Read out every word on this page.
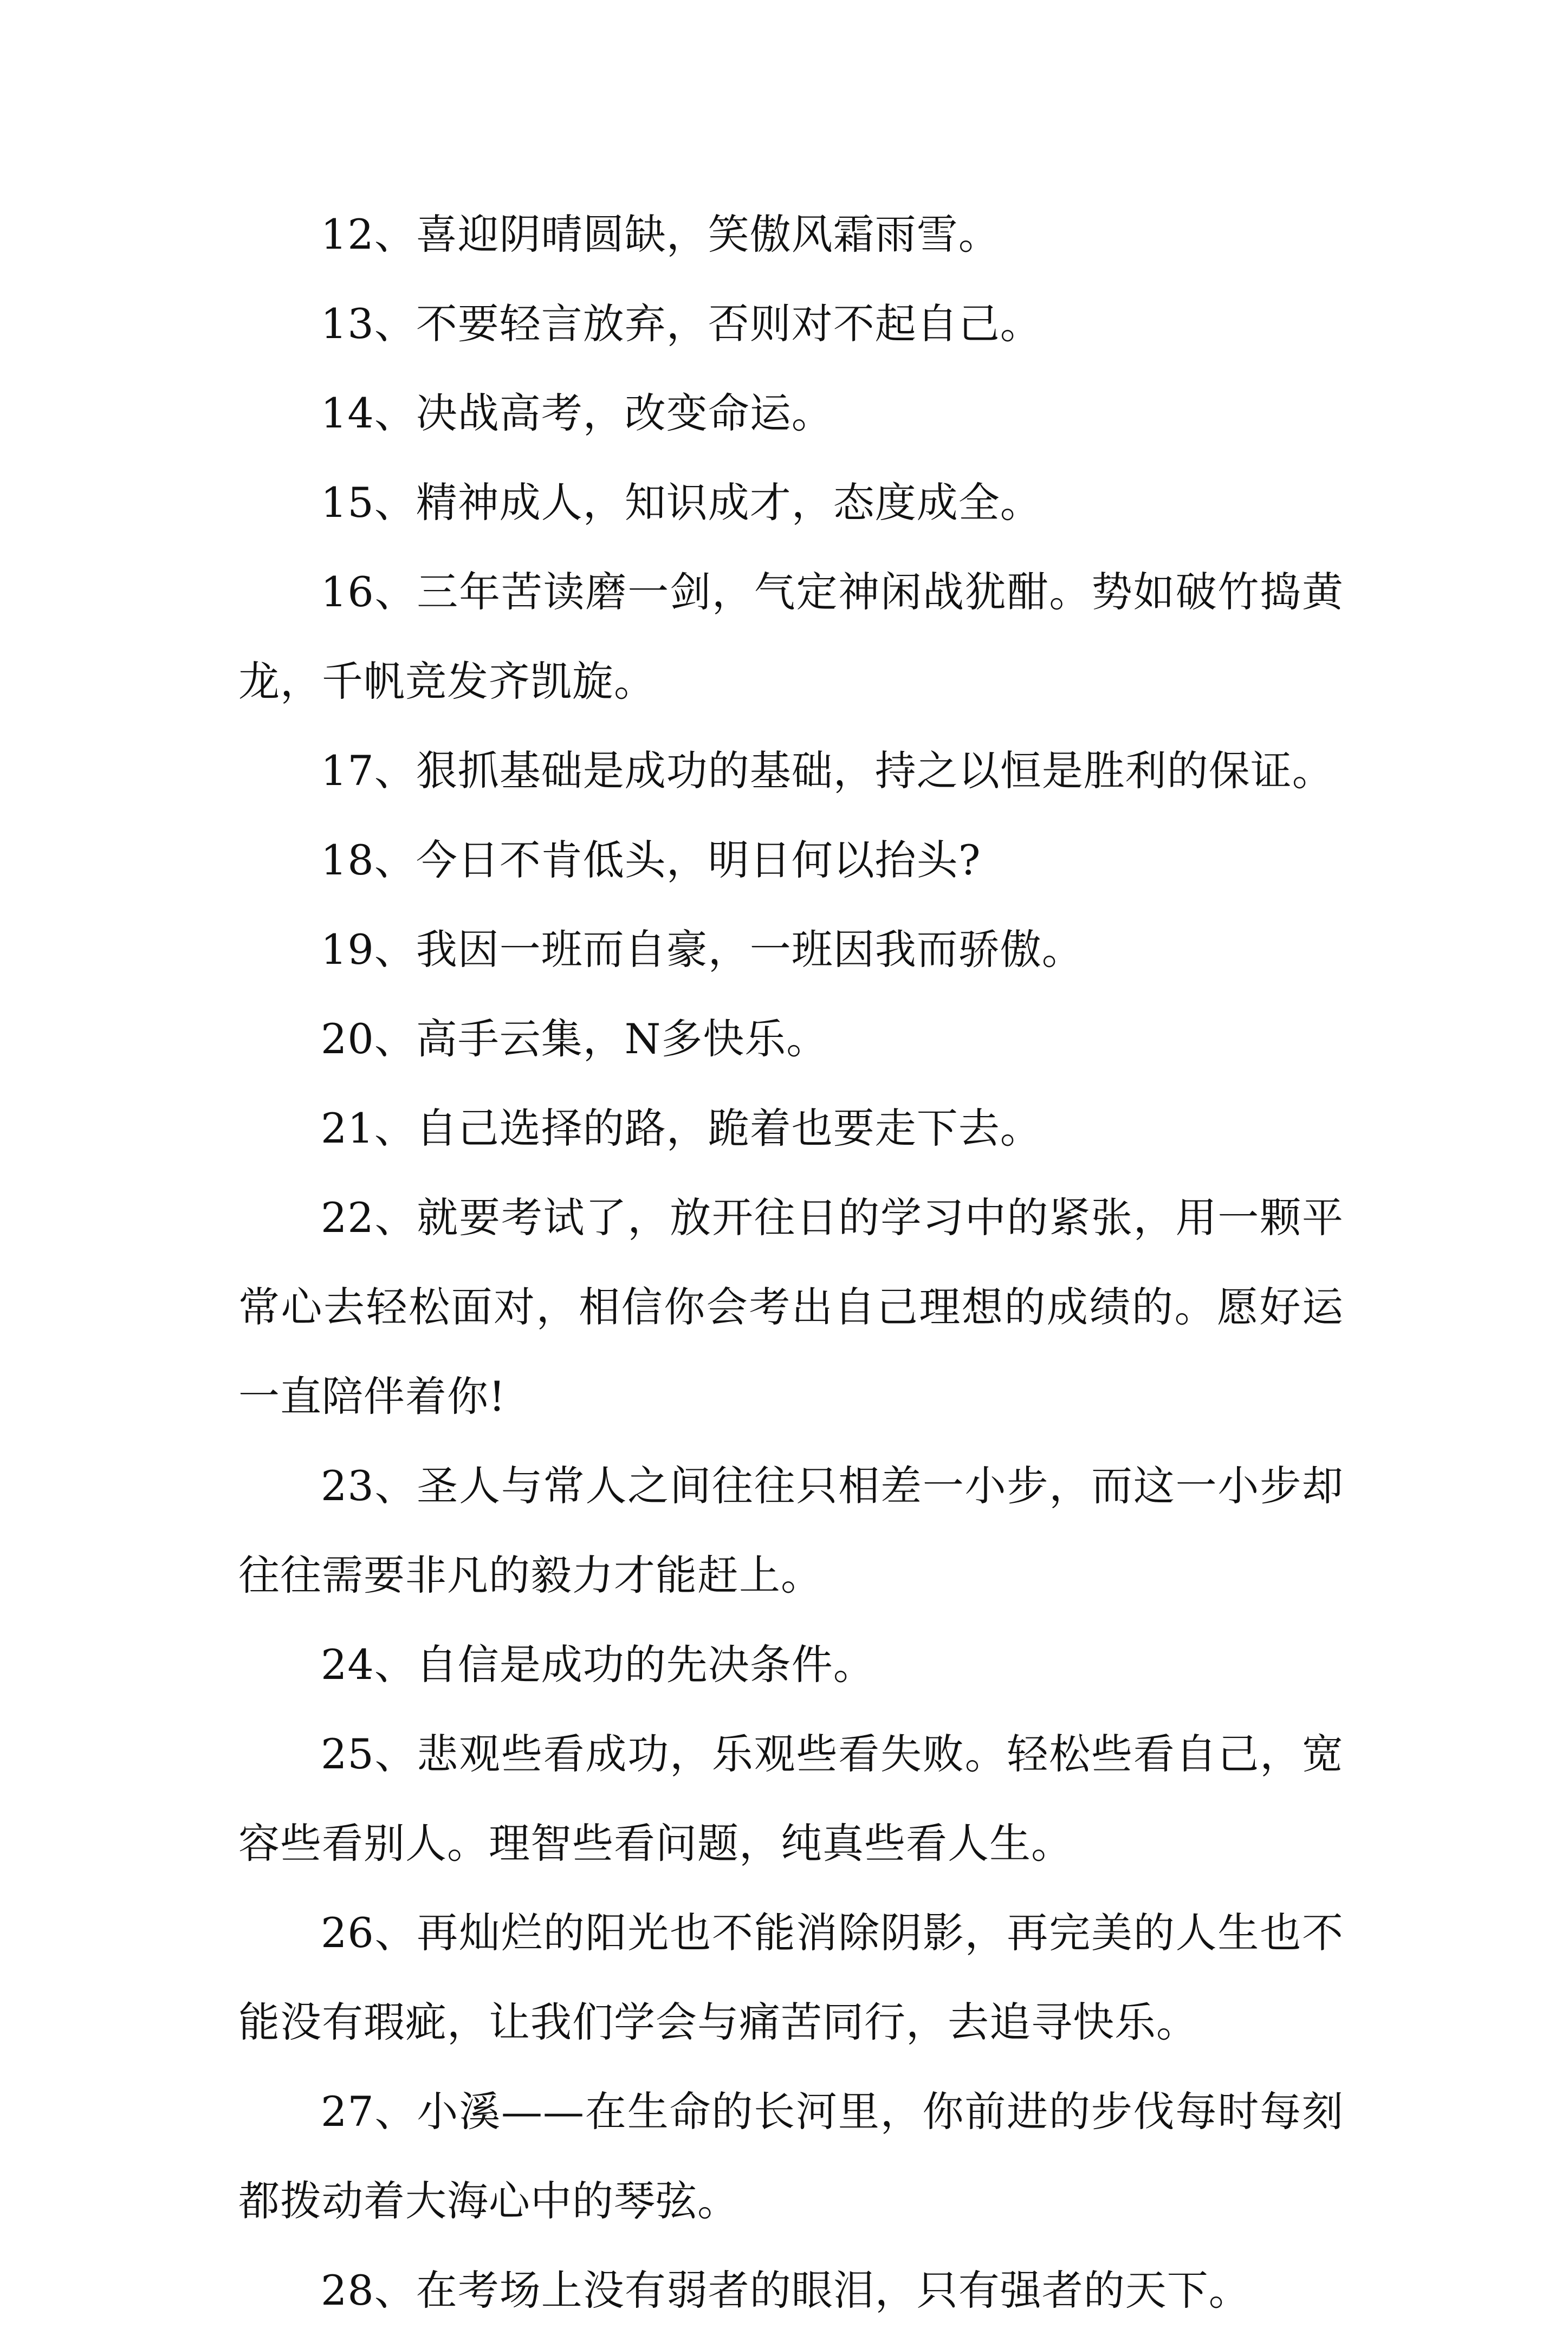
12、喜迎阴晴圆缺，笑傲风霜雨雪。

13、不要轻言放弃，否则对不起自己。

14、决战高考，改变命运。

15、精神成人，知识成才，态度成全。

16、三年苦读磨一剑，气定神闲战犹酣。势如破竹捣黄龙，千帆竞发齐凯旋。

17、狠抓基础是成功的基础，持之以恒是胜利的保证。

18、今日不肯低头，明日何以抬头?

19、我因一班而自豪，一班因我而骄傲。

20、高手云集，N多快乐。

21、自己选择的路，跪着也要走下去。

22、就要考试了，放开往日的学习中的紧张，用一颗平常心去轻松面对，相信你会考出自己理想的成绩的。愿好运一直陪伴着你!

23、圣人与常人之间往往只相差一小步，而这一小步却往往需要非凡的毅力才能赶上。

24、自信是成功的先决条件。

25、悲观些看成功，乐观些看失败。轻松些看自己，宽容些看别人。理智些看问题，纯真些看人生。

26、再灿烂的阳光也不能消除阴影，再完美的人生也不能没有瑕疵，让我们学会与痛苦同行，去追寻快乐。

27、小溪——在生命的长河里，你前进的步伐每时每刻都拨动着大海心中的琴弦。

28、在考场上没有弱者的眼泪，只有强者的天下。
